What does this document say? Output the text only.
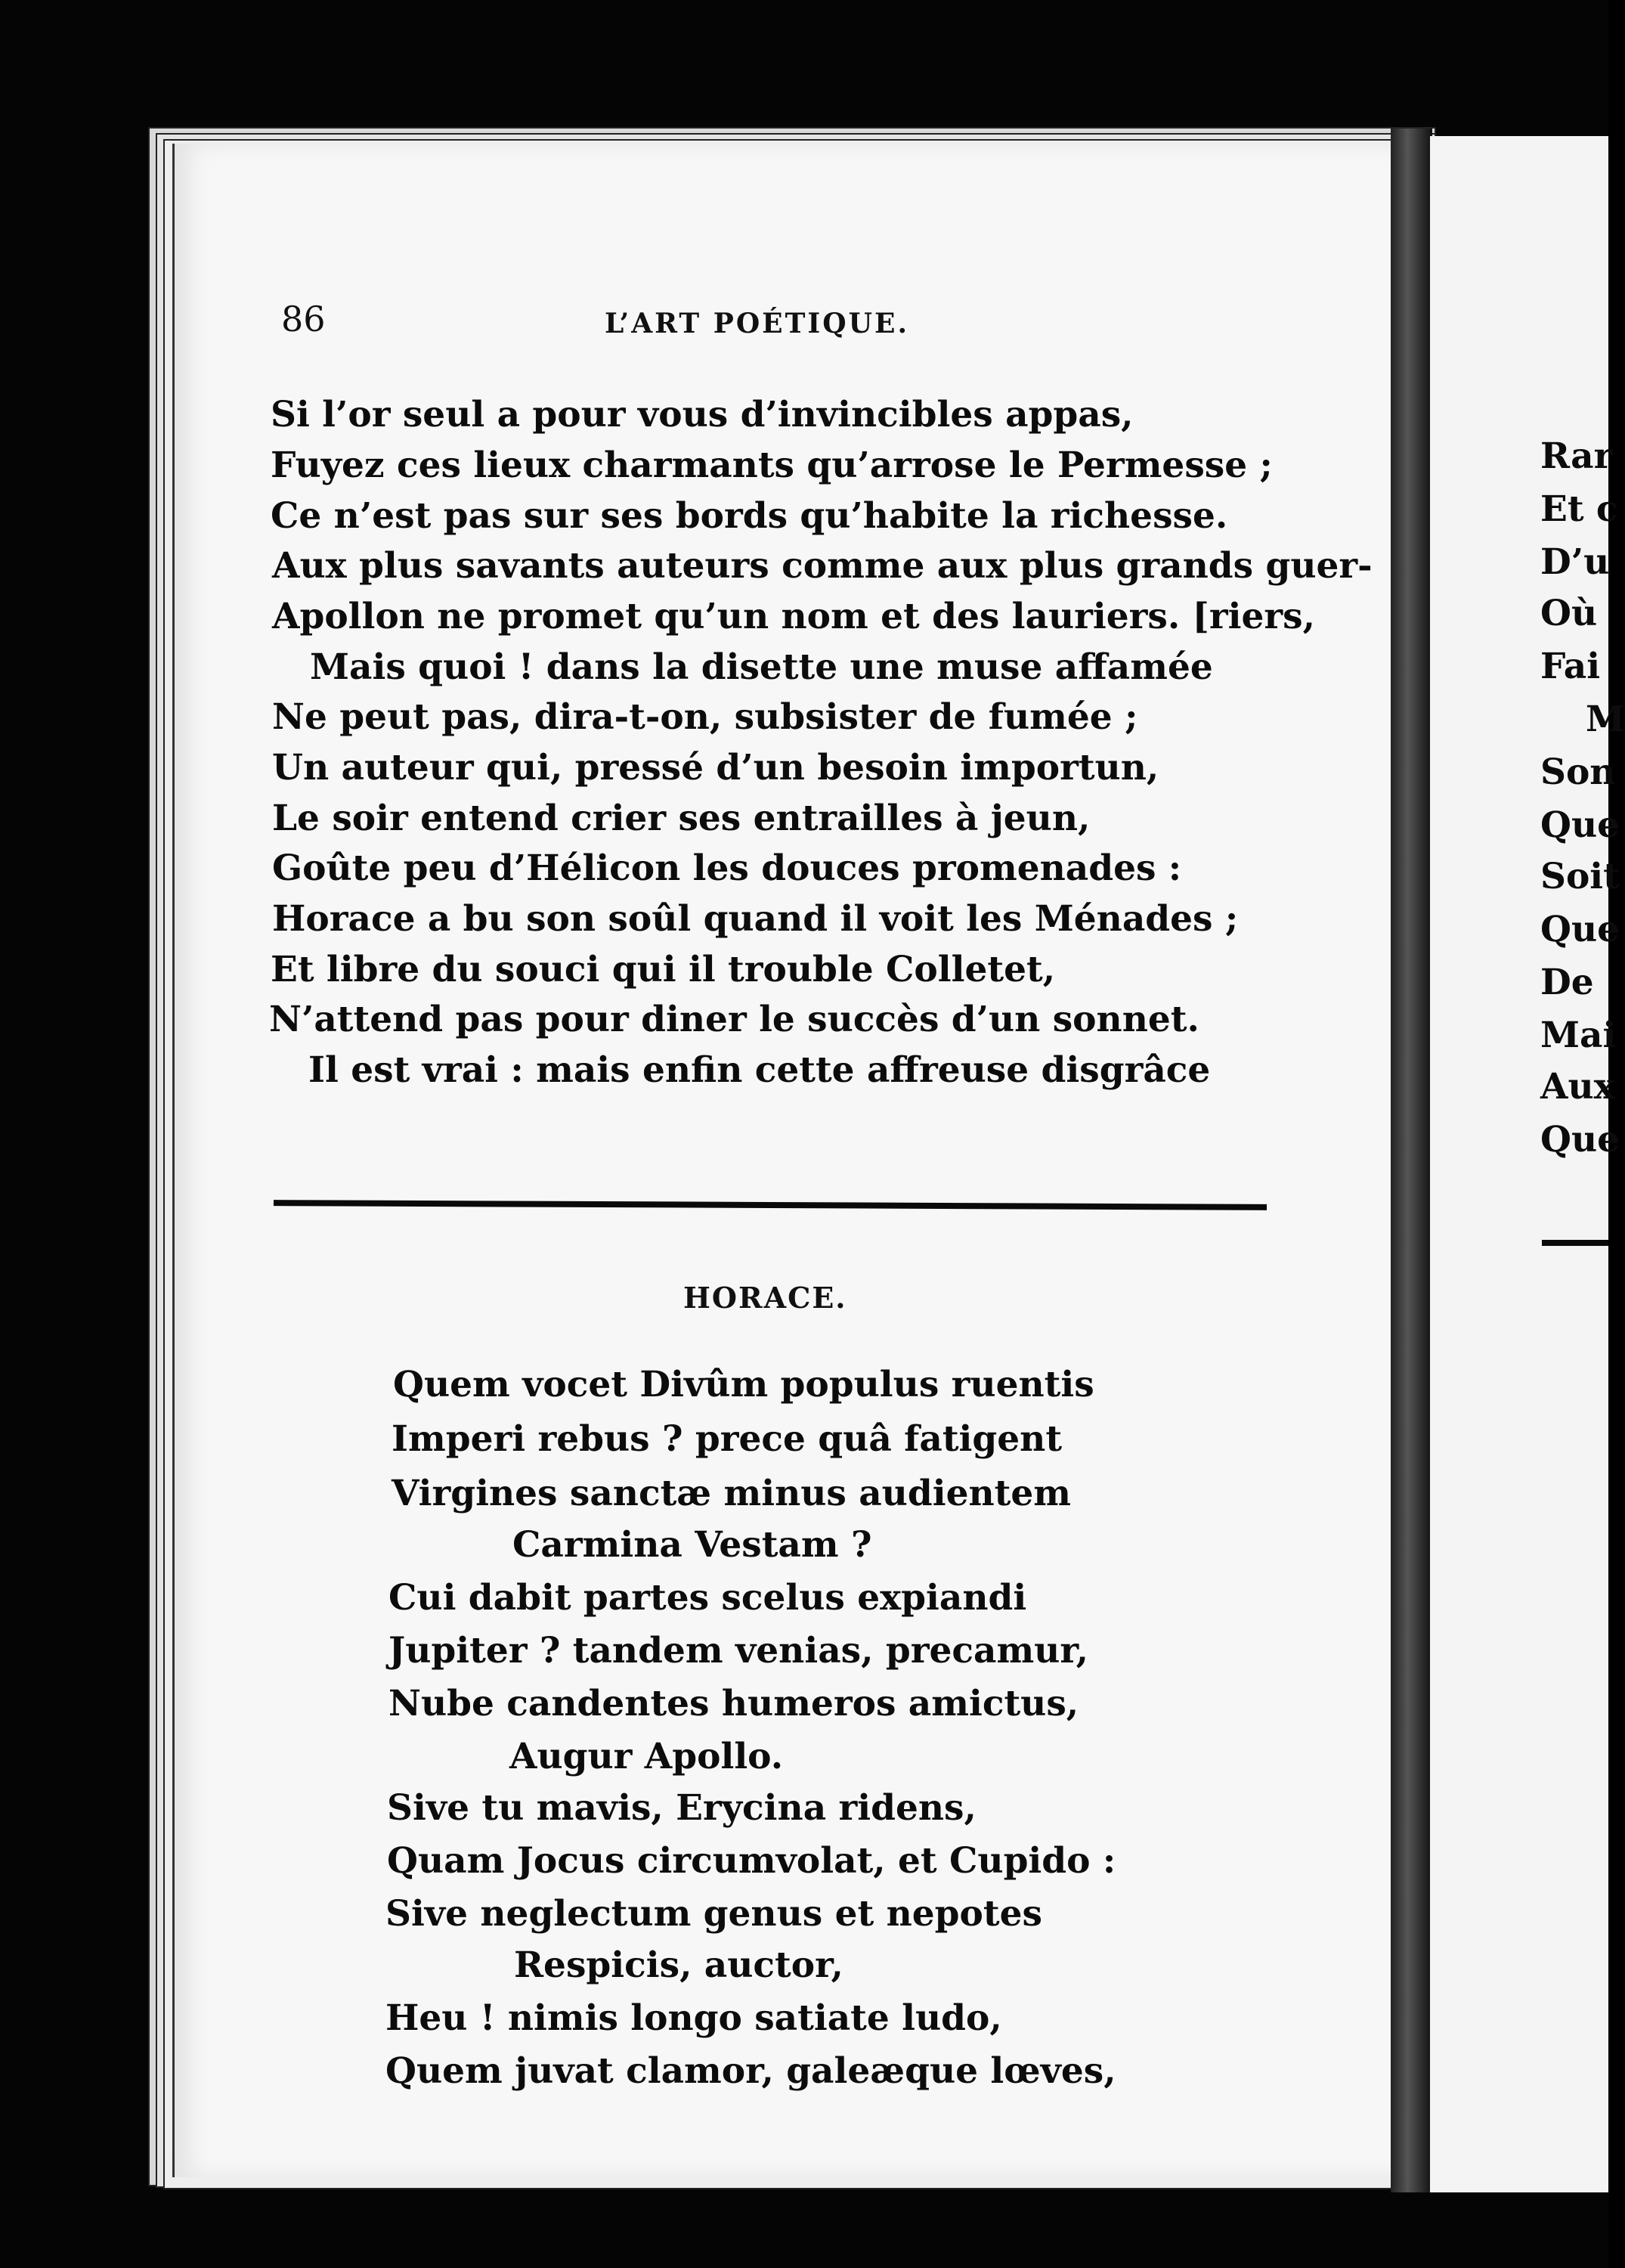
86	L’ART POÉTIQUE.
Si l’or seul a pour vous d’invincibles appas,
Fuyez ces lieux charmants qu’arrose le Permesse ;
Ce n’est pas sur ses bords qu’habite la richesse.
Aux plus savants auteurs comme aux plus grands guer-
Apollon ne promet qu’un nom et des lauriers. [riers,
Mais quoi ! dans la disette une muse affamée
Ne peut pas, dira-t-on, subsister de fumée ;
Un auteur qui, pressé d’un besoin importun,
Le soir entend crier ses entrailles à jeun,
Goûte peu d’Hélicon les douces promenades :
Horace a bu son soûl quand il voit les Ménades ;
Et libre du souci qui il trouble Colletet,
N’attend pas pour diner le succès d’un sonnet.
Il est vrai : mais enfin cette affreuse disgrâce
HORACE.
Quem vocet Divûm populus ruentis
Imperi rebus ? prece quâ fatigent
Virgines sanctæ minus audientem
Carmina Vestam ?
Cui dabit partes scelus expiandi
Jupiter ? tandem venias, precamur,
Nube candentes humeros amictus,
Augur Apollo.
Sive tu mavis, Erycina ridens,
Quam Jocus circumvolat, et Cupido :
Sive neglectum genus et nepotes
Respicis, auctor,
Heu ! nimis longo satiate ludo,
Quem juvat clamor, galeæque lœves,
Rar
Et c
D’u
Où
Fai
M
Son
Que
Soit
Que
De
Mai
Aux
Que
